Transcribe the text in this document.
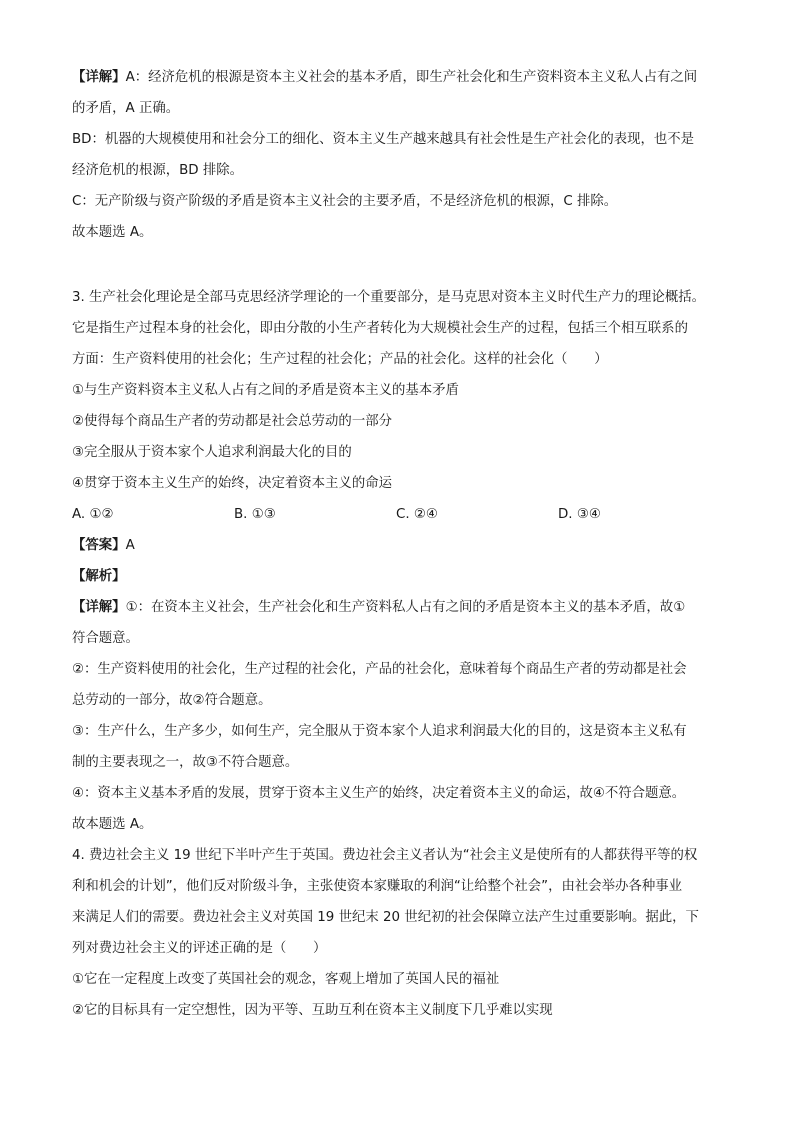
【详解】A：经济危机的根源是资本主义社会的基本矛盾，即生产社会化和生产资料资本主义私人占有之间
的矛盾，A 正确。
BD：机器的大规模使用和社会分工的细化、资本主义生产越来越具有社会性是生产社会化的表现，也不是
经济危机的根源，BD 排除。
C：无产阶级与资产阶级的矛盾是资本主义社会的主要矛盾，不是经济危机的根源，C 排除。
故本题选 A。
3. 生产社会化理论是全部马克思经济学理论的一个重要部分，是马克思对资本主义时代生产力的理论概括。
它是指生产过程本身的社会化，即由分散的小生产者转化为大规模社会生产的过程，包括三个相互联系的
方面：生产资料使用的社会化；生产过程的社会化；产品的社会化。这样的社会化（　　）
①与生产资料资本主义私人占有之间的矛盾是资本主义的基本矛盾
②使得每个商品生产者的劳动都是社会总劳动的一部分
③完全服从于资本家个人追求利润最大化的目的
④贯穿于资本主义生产的始终，决定着资本主义的命运
A. ①②	B. ①③	C. ②④	D. ③④
【答案】A
【解析】
【详解】①：在资本主义社会，生产社会化和生产资料私人占有之间的矛盾是资本主义的基本矛盾，故①
符合题意。
②：生产资料使用的社会化，生产过程的社会化，产品的社会化，意味着每个商品生产者的劳动都是社会
总劳动的一部分，故②符合题意。
③：生产什么，生产多少，如何生产，完全服从于资本家个人追求利润最大化的目的，这是资本主义私有
制的主要表现之一，故③不符合题意。
④：资本主义基本矛盾的发展，贯穿于资本主义生产的始终，决定着资本主义的命运，故④不符合题意。
故本题选 A。
4. 费边社会主义 19 世纪下半叶产生于英国。费边社会主义者认为“社会主义是使所有的人都获得平等的权
利和机会的计划”，他们反对阶级斗争，主张使资本家赚取的利润“让给整个社会”，由社会举办各种事业
来满足人们的需要。费边社会主义对英国 19 世纪末 20 世纪初的社会保障立法产生过重要影响。据此，下
列对费边社会主义的评述正确的是（　　）
①它在一定程度上改变了英国社会的观念，客观上增加了英国人民的福祉
②它的目标具有一定空想性，因为平等、互助互利在资本主义制度下几乎难以实现
